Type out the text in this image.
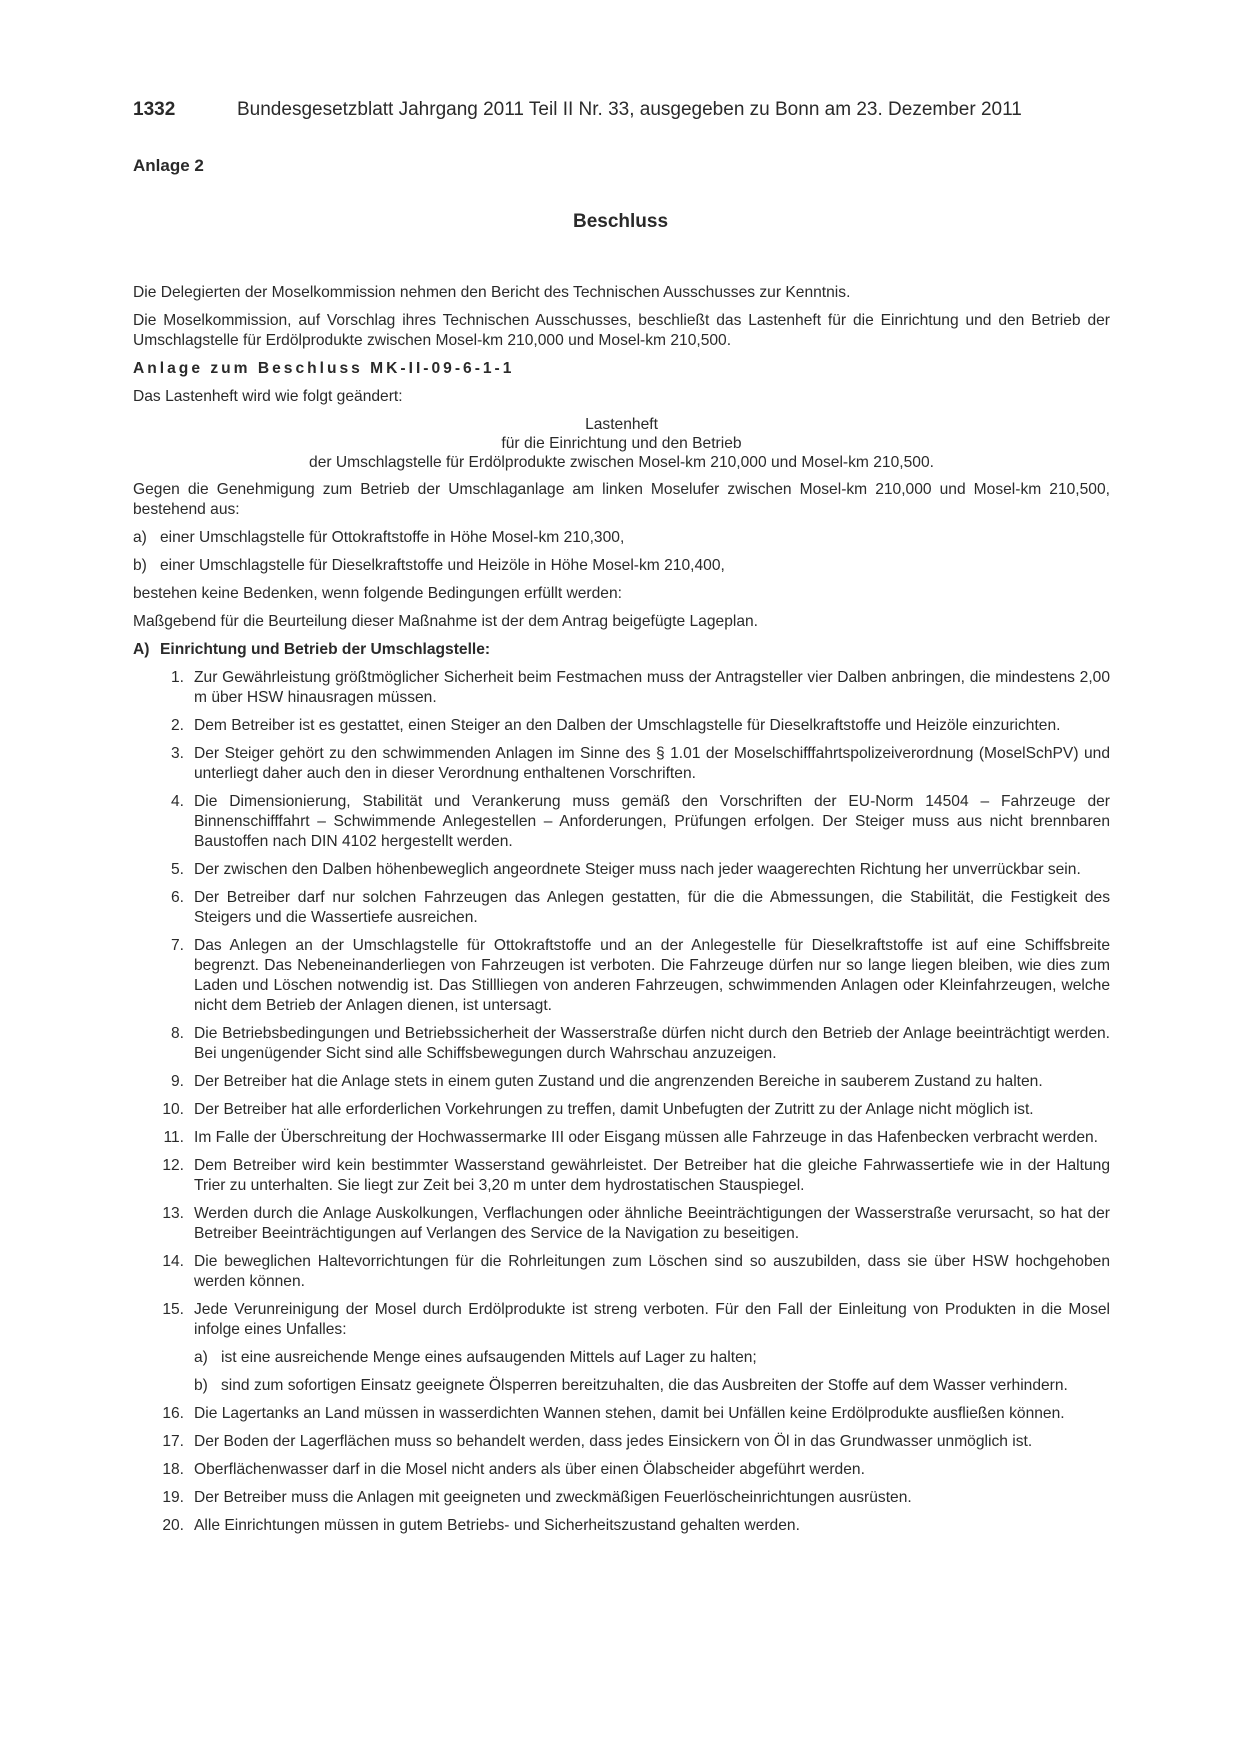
1332	Bundesgesetzblatt Jahrgang 2011 Teil II Nr. 33, ausgegeben zu Bonn am 23. Dezember 2011
Anlage 2
Beschluss

Die Delegierten der Moselkommission nehmen den Bericht des Technischen Ausschusses zur Kenntnis.

Die Moselkommission, auf Vorschlag ihres Technischen Ausschusses, beschließt das Lastenheft für die Einrichtung und den Betrieb der Umschlagstelle für Erdölprodukte zwischen Mosel-km 210,000 und Mosel-km 210,500.

Anlage zum Beschluss MK-II-09-6-1-1

Das Lastenheft wird wie folgt geändert:

Lastenheft
für die Einrichtung und den Betrieb
der Umschlagstelle für Erdölprodukte zwischen Mosel-km 210,000 und Mosel-km 210,500.

Gegen die Genehmigung zum Betrieb der Umschlaganlage am linken Moselufer zwischen Mosel-km 210,000 und Mosel-km 210,500, bestehend aus:

a) einer Umschlagstelle für Ottokraftstoffe in Höhe Mosel-km 210,300,
b) einer Umschlagstelle für Dieselkraftstoffe und Heizöle in Höhe Mosel-km 210,400,

bestehen keine Bedenken, wenn folgende Bedingungen erfüllt werden:

Maßgebend für die Beurteilung dieser Maßnahme ist der dem Antrag beigefügte Lageplan.

A) Einrichtung und Betrieb der Umschlagstelle:
1. Zur Gewährleistung größtmöglicher Sicherheit beim Festmachen muss der Antragsteller vier Dalben anbringen, die mindestens 2,00 m über HSW hinausragen müssen.
2. Dem Betreiber ist es gestattet, einen Steiger an den Dalben der Umschlagstelle für Dieselkraftstoffe und Heizöle einzurichten.
3. Der Steiger gehört zu den schwimmenden Anlagen im Sinne des § 1.01 der Moselschifffahrtspolizeiverordnung (MoselSchPV) und unterliegt daher auch den in dieser Verordnung enthaltenen Vorschriften.
4. Die Dimensionierung, Stabilität und Verankerung muss gemäß den Vorschriften der EU-Norm 14504 – Fahrzeuge der Binnenschifffahrt – Schwimmende Anlegestellen – Anforderungen, Prüfungen erfolgen. Der Steiger muss aus nicht brennbaren Baustoffen nach DIN 4102 hergestellt werden.
5. Der zwischen den Dalben höhenbeweglich angeordnete Steiger muss nach jeder waagerechten Richtung her unverrückbar sein.
6. Der Betreiber darf nur solchen Fahrzeugen das Anlegen gestatten, für die die Abmessungen, die Stabilität, die Festigkeit des Steigers und die Wassertiefe ausreichen.
7. Das Anlegen an der Umschlagstelle für Ottokraftstoffe und an der Anlegestelle für Dieselkraftstoffe ist auf eine Schiffsbreite begrenzt. Das Nebeneinanderliegen von Fahrzeugen ist verboten. Die Fahrzeuge dürfen nur so lange liegen bleiben, wie dies zum Laden und Löschen notwendig ist. Das Stillliegen von anderen Fahrzeugen, schwimmenden Anlagen oder Kleinfahrzeugen, welche nicht dem Betrieb der Anlagen dienen, ist untersagt.
8. Die Betriebsbedingungen und Betriebssicherheit der Wasserstraße dürfen nicht durch den Betrieb der Anlage beeinträchtigt werden. Bei ungenügender Sicht sind alle Schiffsbewegungen durch Wahrschau anzuzeigen.
9. Der Betreiber hat die Anlage stets in einem guten Zustand und die angrenzenden Bereiche in sauberem Zustand zu halten.
10. Der Betreiber hat alle erforderlichen Vorkehrungen zu treffen, damit Unbefugten der Zutritt zu der Anlage nicht möglich ist.
11. Im Falle der Überschreitung der Hochwassermarke III oder Eisgang müssen alle Fahrzeuge in das Hafenbecken verbracht werden.
12. Dem Betreiber wird kein bestimmter Wasserstand gewährleistet. Der Betreiber hat die gleiche Fahrwassertiefe wie in der Haltung Trier zu unterhalten. Sie liegt zur Zeit bei 3,20 m unter dem hydrostatischen Stauspiegel.
13. Werden durch die Anlage Auskolkungen, Verflachungen oder ähnliche Beeinträchtigungen der Wasserstraße verursacht, so hat der Betreiber Beeinträchtigungen auf Verlangen des Service de la Navigation zu beseitigen.
14. Die beweglichen Haltevorrichtungen für die Rohrleitungen zum Löschen sind so auszubilden, dass sie über HSW hochgehoben werden können.
15. Jede Verunreinigung der Mosel durch Erdölprodukte ist streng verboten. Für den Fall der Einleitung von Produkten in die Mosel infolge eines Unfalles:
a) ist eine ausreichende Menge eines aufsaugenden Mittels auf Lager zu halten;
b) sind zum sofortigen Einsatz geeignete Ölsperren bereitzuhalten, die das Ausbreiten der Stoffe auf dem Wasser verhindern.
16. Die Lagertanks an Land müssen in wasserdichten Wannen stehen, damit bei Unfällen keine Erdölprodukte ausfließen können.
17. Der Boden der Lagerflächen muss so behandelt werden, dass jedes Einsickern von Öl in das Grundwasser unmöglich ist.
18. Oberflächenwasser darf in die Mosel nicht anders als über einen Ölabscheider abgeführt werden.
19. Der Betreiber muss die Anlagen mit geeigneten und zweckmäßigen Feuerlöscheinrichtungen ausrüsten.
20. Alle Einrichtungen müssen in gutem Betriebs- und Sicherheitszustand gehalten werden.
